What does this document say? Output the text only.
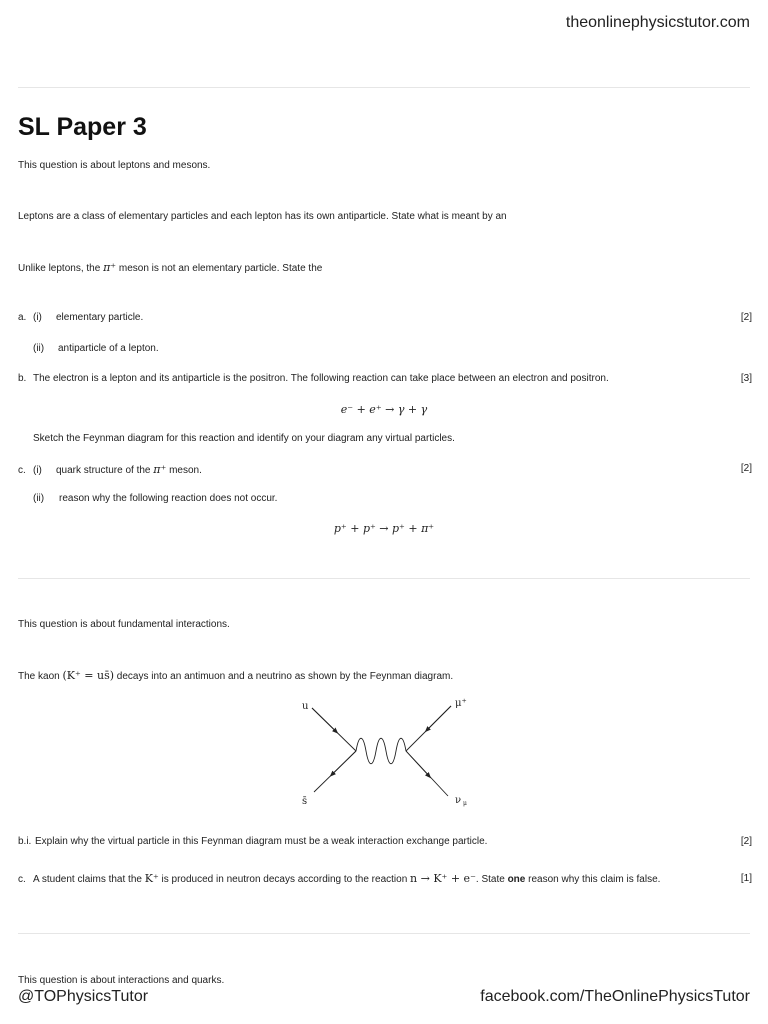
theonlinephysicstutor.com
SL Paper 3
This question is about leptons and mesons.
Leptons are a class of elementary particles and each lepton has its own antiparticle. State what is meant by an
Unlike leptons, the π⁺ meson is not an elementary particle. State the
a. (i) elementary particle.	[2]
(ii) antiparticle of a lepton.
b. The electron is a lepton and its antiparticle is the positron. The following reaction can take place between an electron and positron.	[3]
e⁻ + e⁺ → γ + γ
Sketch the Feynman diagram for this reaction and identify on your diagram any virtual particles.
c. (i) quark structure of the π⁺ meson.	[2]
(ii) reason why the following reaction does not occur.
p⁺ + p⁺ → p⁺ + π⁺
This question is about fundamental interactions.
The kaon (K⁺ = us̄) decays into an antimuon and a neutrino as shown by the Feynman diagram.
u	μ⁺
s̄	ν μ
b.i. Explain why the virtual particle in this Feynman diagram must be a weak interaction exchange particle.	[2]
c. A student claims that the K⁺ is produced in neutron decays according to the reaction n → K⁺ + e⁻. State one reason why this claim is false.	[1]
This question is about interactions and quarks.
@TOPhysicsTutor	facebook.com/TheOnlinePhysicsTutor
